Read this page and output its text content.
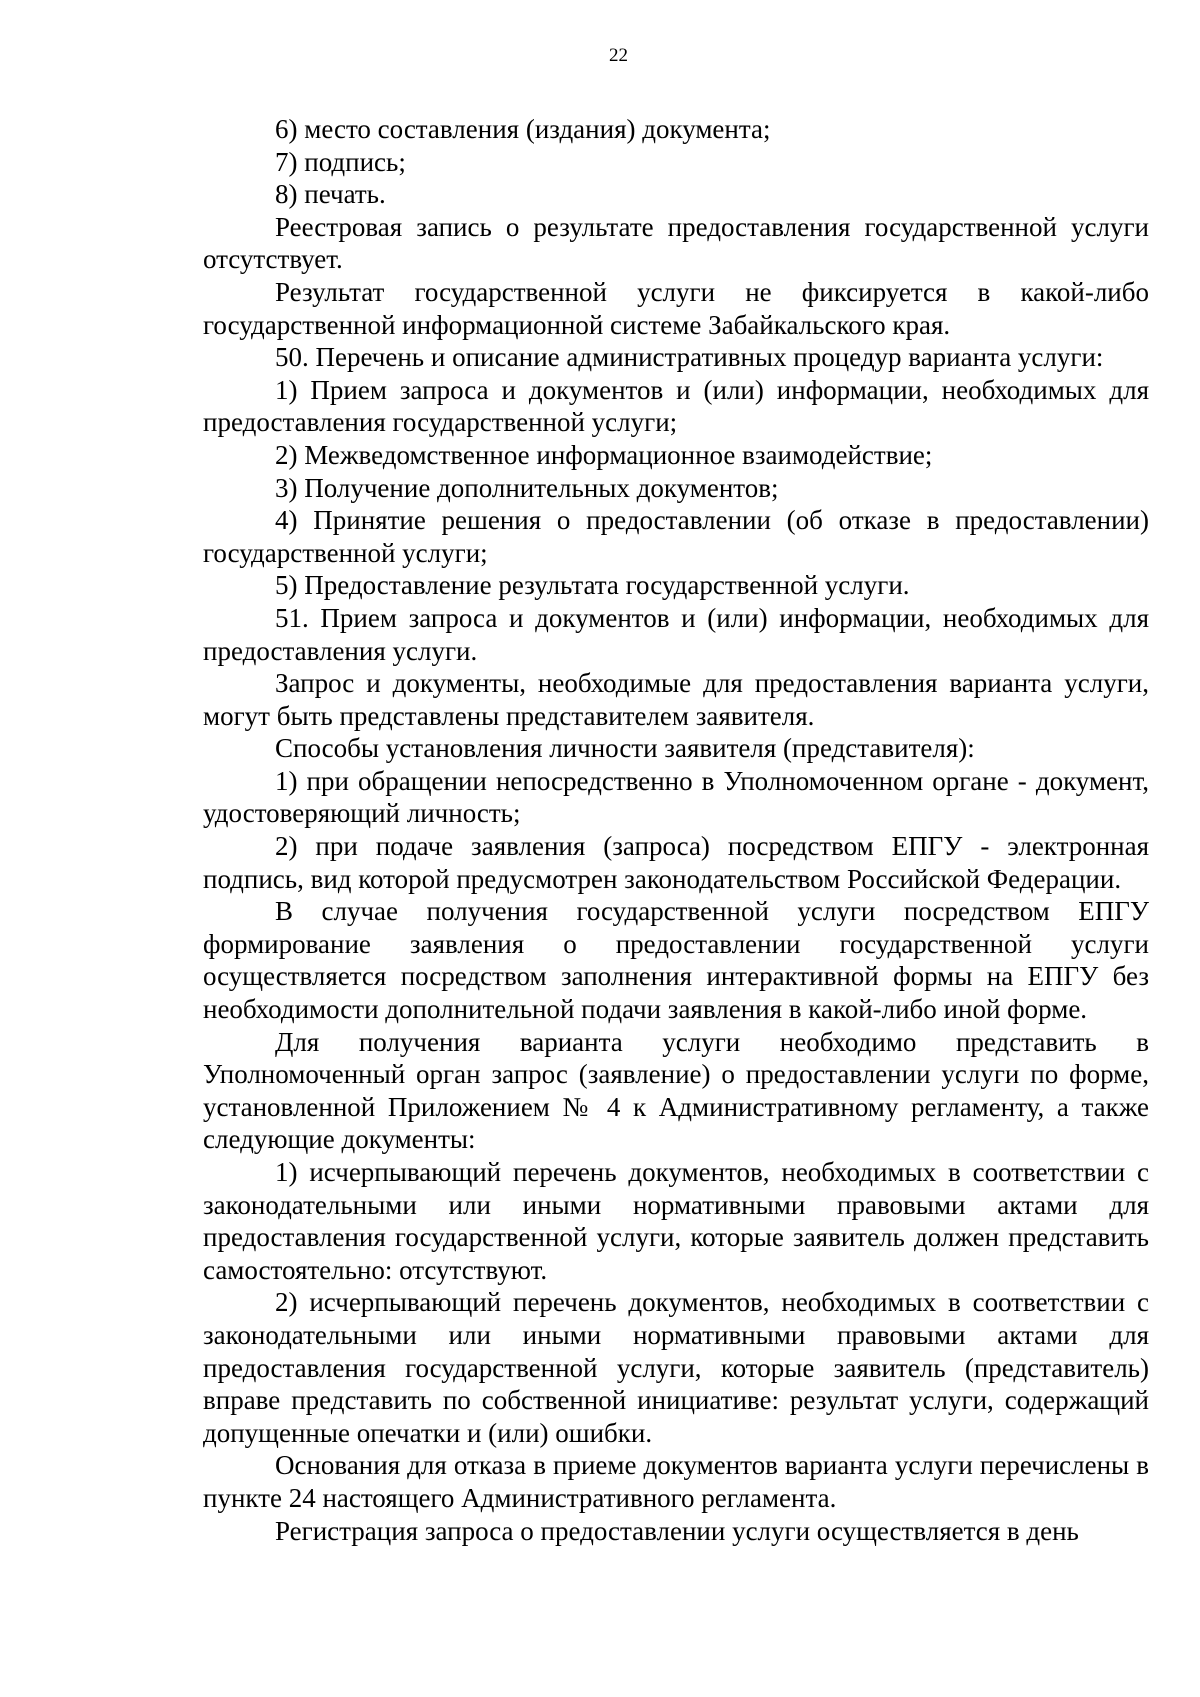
22

6) место составления (издания) документа;

7) подпись;

8) печать.

Реестровая запись о результате предоставления государственной услуги отсутствует.

Результат государственной услуги не фиксируется в какой-либо государственной информационной системе Забайкальского края.

50. Перечень и описание административных процедур варианта услуги:

1) Прием запроса и документов и (или) информации, необходимых для предоставления государственной услуги;

2) Межведомственное информационное взаимодействие;

3) Получение дополнительных документов;

4) Принятие решения о предоставлении (об отказе в предоставлении) государственной услуги;

5) Предоставление результата государственной услуги.

51. Прием запроса и документов и (или) информации, необходимых для предоставления услуги.

Запрос и документы, необходимые для предоставления варианта услуги, могут быть представлены представителем заявителя.

Способы установления личности заявителя (представителя):

1) при обращении непосредственно в Уполномоченном органе - документ, удостоверяющий личность;

2) при подаче заявления (запроса) посредством ЕПГУ - электронная подпись, вид которой предусмотрен законодательством Российской Федерации.

В случае получения государственной услуги посредством ЕПГУ формирование заявления о предоставлении государственной услуги осуществляется посредством заполнения интерактивной формы на ЕПГУ без необходимости дополнительной подачи заявления в какой-либо иной форме.

Для получения варианта услуги необходимо представить в Уполномоченный орган запрос (заявление) о предоставлении услуги по форме, установленной Приложением № 4 к Административному регламенту, а также следующие документы:

1) исчерпывающий перечень документов, необходимых в соответствии с законодательными или иными нормативными правовыми актами для предоставления государственной услуги, которые заявитель должен представить самостоятельно: отсутствуют.

2) исчерпывающий перечень документов, необходимых в соответствии с законодательными или иными нормативными правовыми актами для предоставления государственной услуги, которые заявитель (представитель) вправе представить по собственной инициативе: результат услуги, содержащий допущенные опечатки и (или) ошибки.

Основания для отказа в приеме документов варианта услуги перечислены в пункте 24 настоящего Административного регламента.

Регистрация запроса о предоставлении услуги осуществляется в день
